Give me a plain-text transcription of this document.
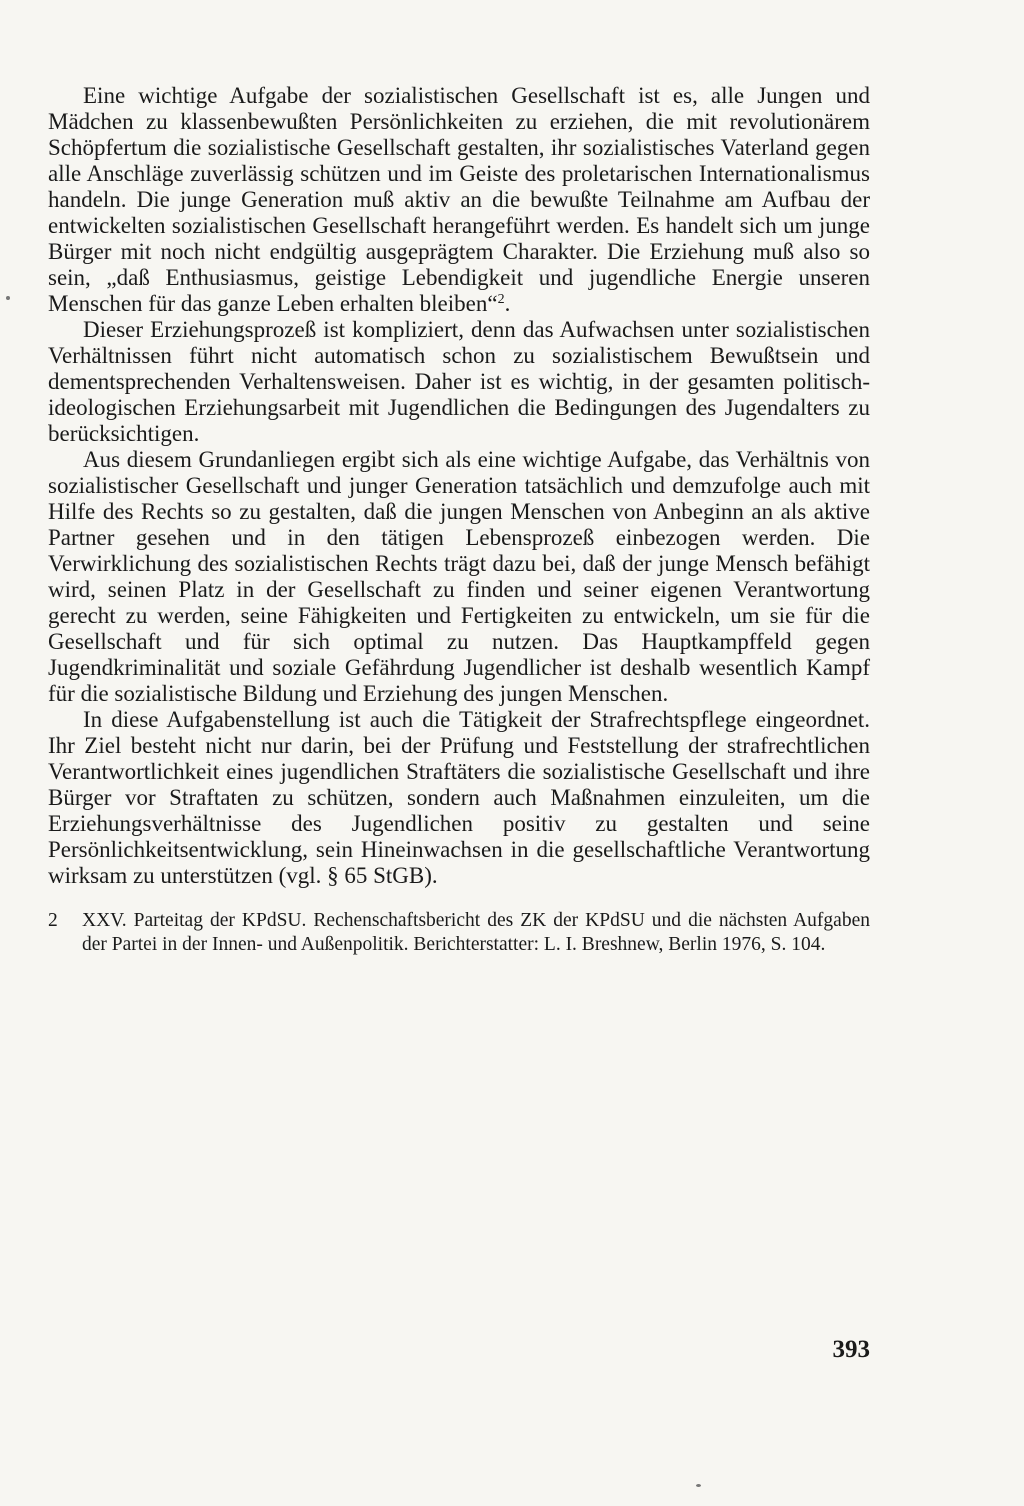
Eine wichtige Aufgabe der sozialistischen Gesellschaft ist es, alle Jungen und Mädchen zu klassenbewußten Persönlichkeiten zu erziehen, die mit revolutionärem Schöpfertum die sozialistische Gesellschaft gestalten, ihr sozialistisches Vaterland gegen alle Anschläge zuverlässig schützen und im Geiste des proletarischen Internationalismus handeln. Die junge Generation muß aktiv an die bewußte Teilnahme am Aufbau der entwickelten sozialistischen Gesellschaft herangeführt werden. Es handelt sich um junge Bürger mit noch nicht endgültig ausgeprägtem Charakter. Die Erziehung muß also so sein, „daß Enthusiasmus, geistige Lebendigkeit und jugendliche Energie unseren Menschen für das ganze Leben erhalten bleiben“$^2$.

Dieser Erziehungsprozeß ist kompliziert, denn das Aufwachsen unter sozialistischen Verhältnissen führt nicht automatisch schon zu sozialistischem Bewußtsein und dementsprechenden Verhaltensweisen. Daher ist es wichtig, in der gesamten politisch-ideologischen Erziehungsarbeit mit Jugendlichen die Bedingungen des Jugendalters zu berücksichtigen.

Aus diesem Grundanliegen ergibt sich als eine wichtige Aufgabe, das Verhältnis von sozialistischer Gesellschaft und junger Generation tatsächlich und demzufolge auch mit Hilfe des Rechts so zu gestalten, daß die jungen Menschen von Anbeginn an als aktive Partner gesehen und in den tätigen Lebensprozeß einbezogen werden. Die Verwirklichung des sozialistischen Rechts trägt dazu bei, daß der junge Mensch befähigt wird, seinen Platz in der Gesellschaft zu finden und seiner eigenen Verantwortung gerecht zu werden, seine Fähigkeiten und Fertigkeiten zu entwickeln, um sie für die Gesellschaft und für sich optimal zu nutzen. Das Hauptkampffeld gegen Jugendkriminalität und soziale Gefährdung Jugendlicher ist deshalb wesentlich Kampf für die sozialistische Bildung und Erziehung des jungen Menschen.

In diese Aufgabenstellung ist auch die Tätigkeit der Strafrechtspflege eingeordnet. Ihr Ziel besteht nicht nur darin, bei der Prüfung und Feststellung der strafrechtlichen Verantwortlichkeit eines jugendlichen Straftäters die sozialistische Gesellschaft und ihre Bürger vor Straftaten zu schützen, sondern auch Maßnahmen einzuleiten, um die Erziehungsverhältnisse des Jugendlichen positiv zu gestalten und seine Persönlichkeitsentwicklung, sein Hineinwachsen in die gesellschaftliche Verantwortung wirksam zu unterstützen (vgl. § 65 StGB).

2	XXV. Parteitag der KPdSU. Rechenschaftsbericht des ZK der KPdSU und die nächsten Aufgaben der Partei in der Innen- und Außenpolitik. Berichterstatter: L. I. Breshnew, Berlin 1976, S. 104.
393
